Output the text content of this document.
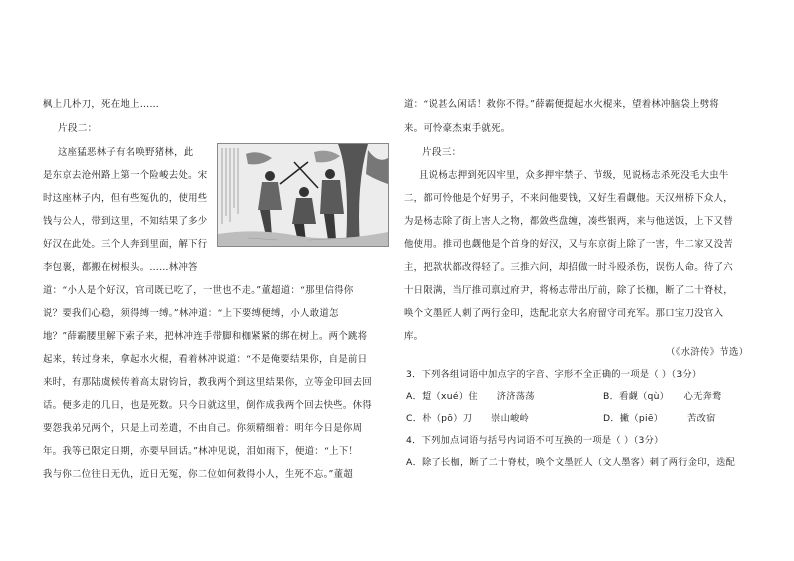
枫上几朴刀，死在地上……
片段二：
这座猛恶林子有名唤野猪林，此
是东京去沧州路上第一个险峻去处。宋
时这座林子内，但有些冤仇的，使用些
钱与公人，带到这里，不知结果了多少
好汉在此处。三个人奔到里面，解下行
李包裹，都搬在树根头。……林冲答
道：“小人是个好汉，官司既已吃了，一世也不走。”董超道：“那里信得你
说？要我们心稳，须得缚一缚。”林冲道：“上下要缚便缚，小人敢道怎
地？”薛霸腰里解下索子来，把林冲连手带脚和枷紧紧的绑在树上。两个跳将
起来，转过身来，拿起水火棍，看着林冲说道：“不是俺要结果你，自是前日
来时，有那陆虞候传着高太尉钧旨，教我两个到这里结果你，立等金印回去回
话。便多走的几日，也是死数。只今日就这里，倒作成我两个回去快些。休得
要怨我弟兄两个，只是上司差遣，不由自己。你须精细着：明年今日是你周
年。我等已限定日期，亦要早回话。”林冲见说，泪如雨下，便道：“上下！
我与你二位往日无仇，近日无冤，你二位如何救得小人，生死不忘。”董超
道：“说甚么闲话！救你不得。”薛霸便提起水火棍来，望着林冲脑袋上劈将
来。可怜豪杰束手就死。
片段三：
且说杨志押到死囚牢里，众多押牢禁子、节级，见说杨志杀死没毛大虫牛
二，都可怜他是个好男子，不来问他要钱，又好生看觑他。天汉州桥下众人，
为是杨志除了街上害人之物，都敛些盘缠，凑些银两，来与他送饭，上下又替
他使用。推司也觑他是个首身的好汉，又与东京街上除了一害，牛二家又没苦
主，把款状都改得轻了。三推六问，却招做一时斗殴杀伤，误伤人命。待了六
十日限满，当厅推司禀过府尹，将杨志带出厅前，除了长枷，断了二十脊杖，
唤个文墨匠人刺了两行金印，迭配北京大名府留守司充军。那口宝刀没官入
库。
（《水浒传》节选）
3．下列各组词语中加点字的字音、字形不全正确的一项是（ ）（3分）
A．踅（xué）住　　济济荡荡	B．看觑（qù）　　心无奔鹜
C．朴（pō）刀　　崇山峻岭	D．撇（piē）　　　苦改宿
4．下列加点词语与括号内词语不可互换的一项是（ ）（3分）
A．除了长枷，断了二十脊杖，唤个文墨匠人（文人墨客）刺了两行金印，迭配
